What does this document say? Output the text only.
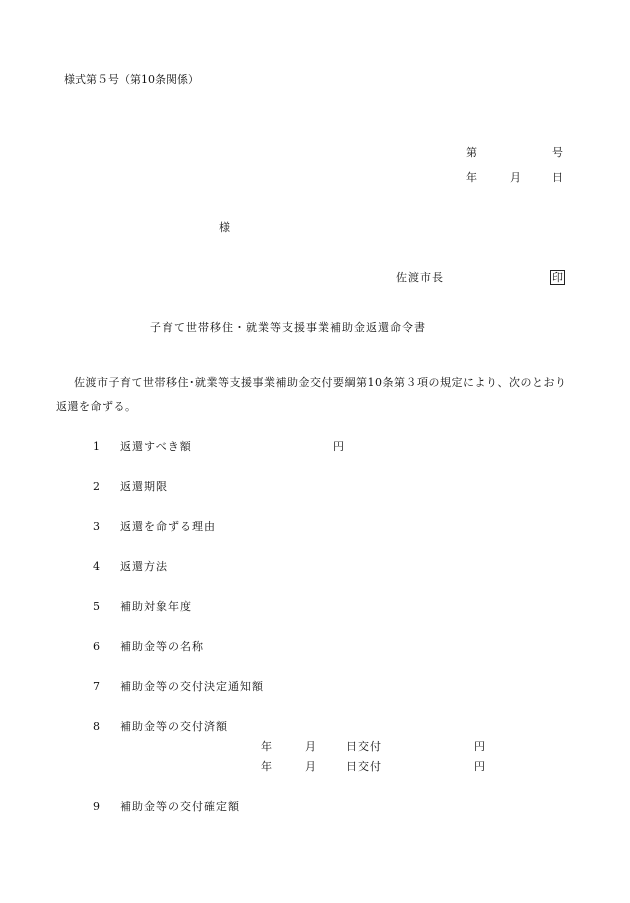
様式第５号（第10条関係）
第	号
年	月	日
様
佐渡市長	印
子育て世帯移住・就業等支援事業補助金返還命令書
佐渡市子育て世帯移住･就業等支援事業補助金交付要綱第10条第３項の規定により、次のとおり返還を命ずる。
1 返還すべき額	円
2 返還期限
3 返還を命ずる理由
4 返還方法
5 補助対象年度
6 補助金等の名称
7 補助金等の交付決定通知額
8 補助金等の交付済額
年	月	日交付	円
年	月	日交付	円
9 補助金等の交付確定額
